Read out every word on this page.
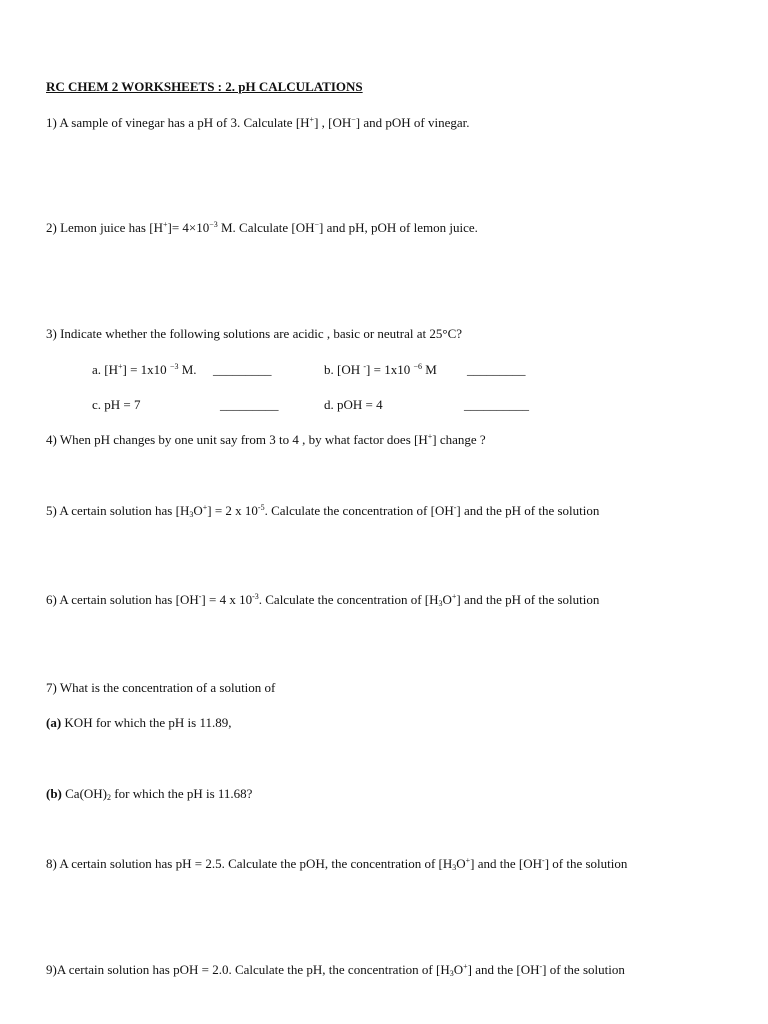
RC CHEM 2 WORKSHEETS : 2. pH CALCULATIONS
1) A sample of vinegar has a pH of 3. Calculate [H+] , [OH−] and pOH of vinegar.
2) Lemon juice has $[H^+]= 4\times 10^{-3}$ M. Calculate [OH−] and pH, pOH of lemon juice.
3) Indicate whether the following solutions are acidic , basic or neutral at 25°C?
a. [H+] = 1x10 $^{-3}$ M. _________	b. [OH -] = 1x10 $^{-6}$ M _________
c. pH = 7	_________	d. pOH = 4	__________
4) When pH changes by one unit say from 3 to 4 , by what factor does [H+] change ?
5) A certain solution has $[H_3O^+] = 2$ x $10^{-5}$. Calculate the concentration of [OH-] and the pH of the solution
6) A certain solution has [OH-] = 4 x $10^{-3}$. Calculate the concentration of $[H_3O^+]$ and the pH of the solution
7) What is the concentration of a solution of
(a) KOH for which the pH is 11.89,
(b) $Ca(OH)_2$ for which the pH is 11.68?
8) A certain solution has pH = 2.5. Calculate the pOH, the concentration of $[H_3O^+]$ and the [OH-] of the solution
9)A certain solution has pOH = 2.0. Calculate the pH, the concentration of $[H_3O^+]$ and the [OH-] of the solution
